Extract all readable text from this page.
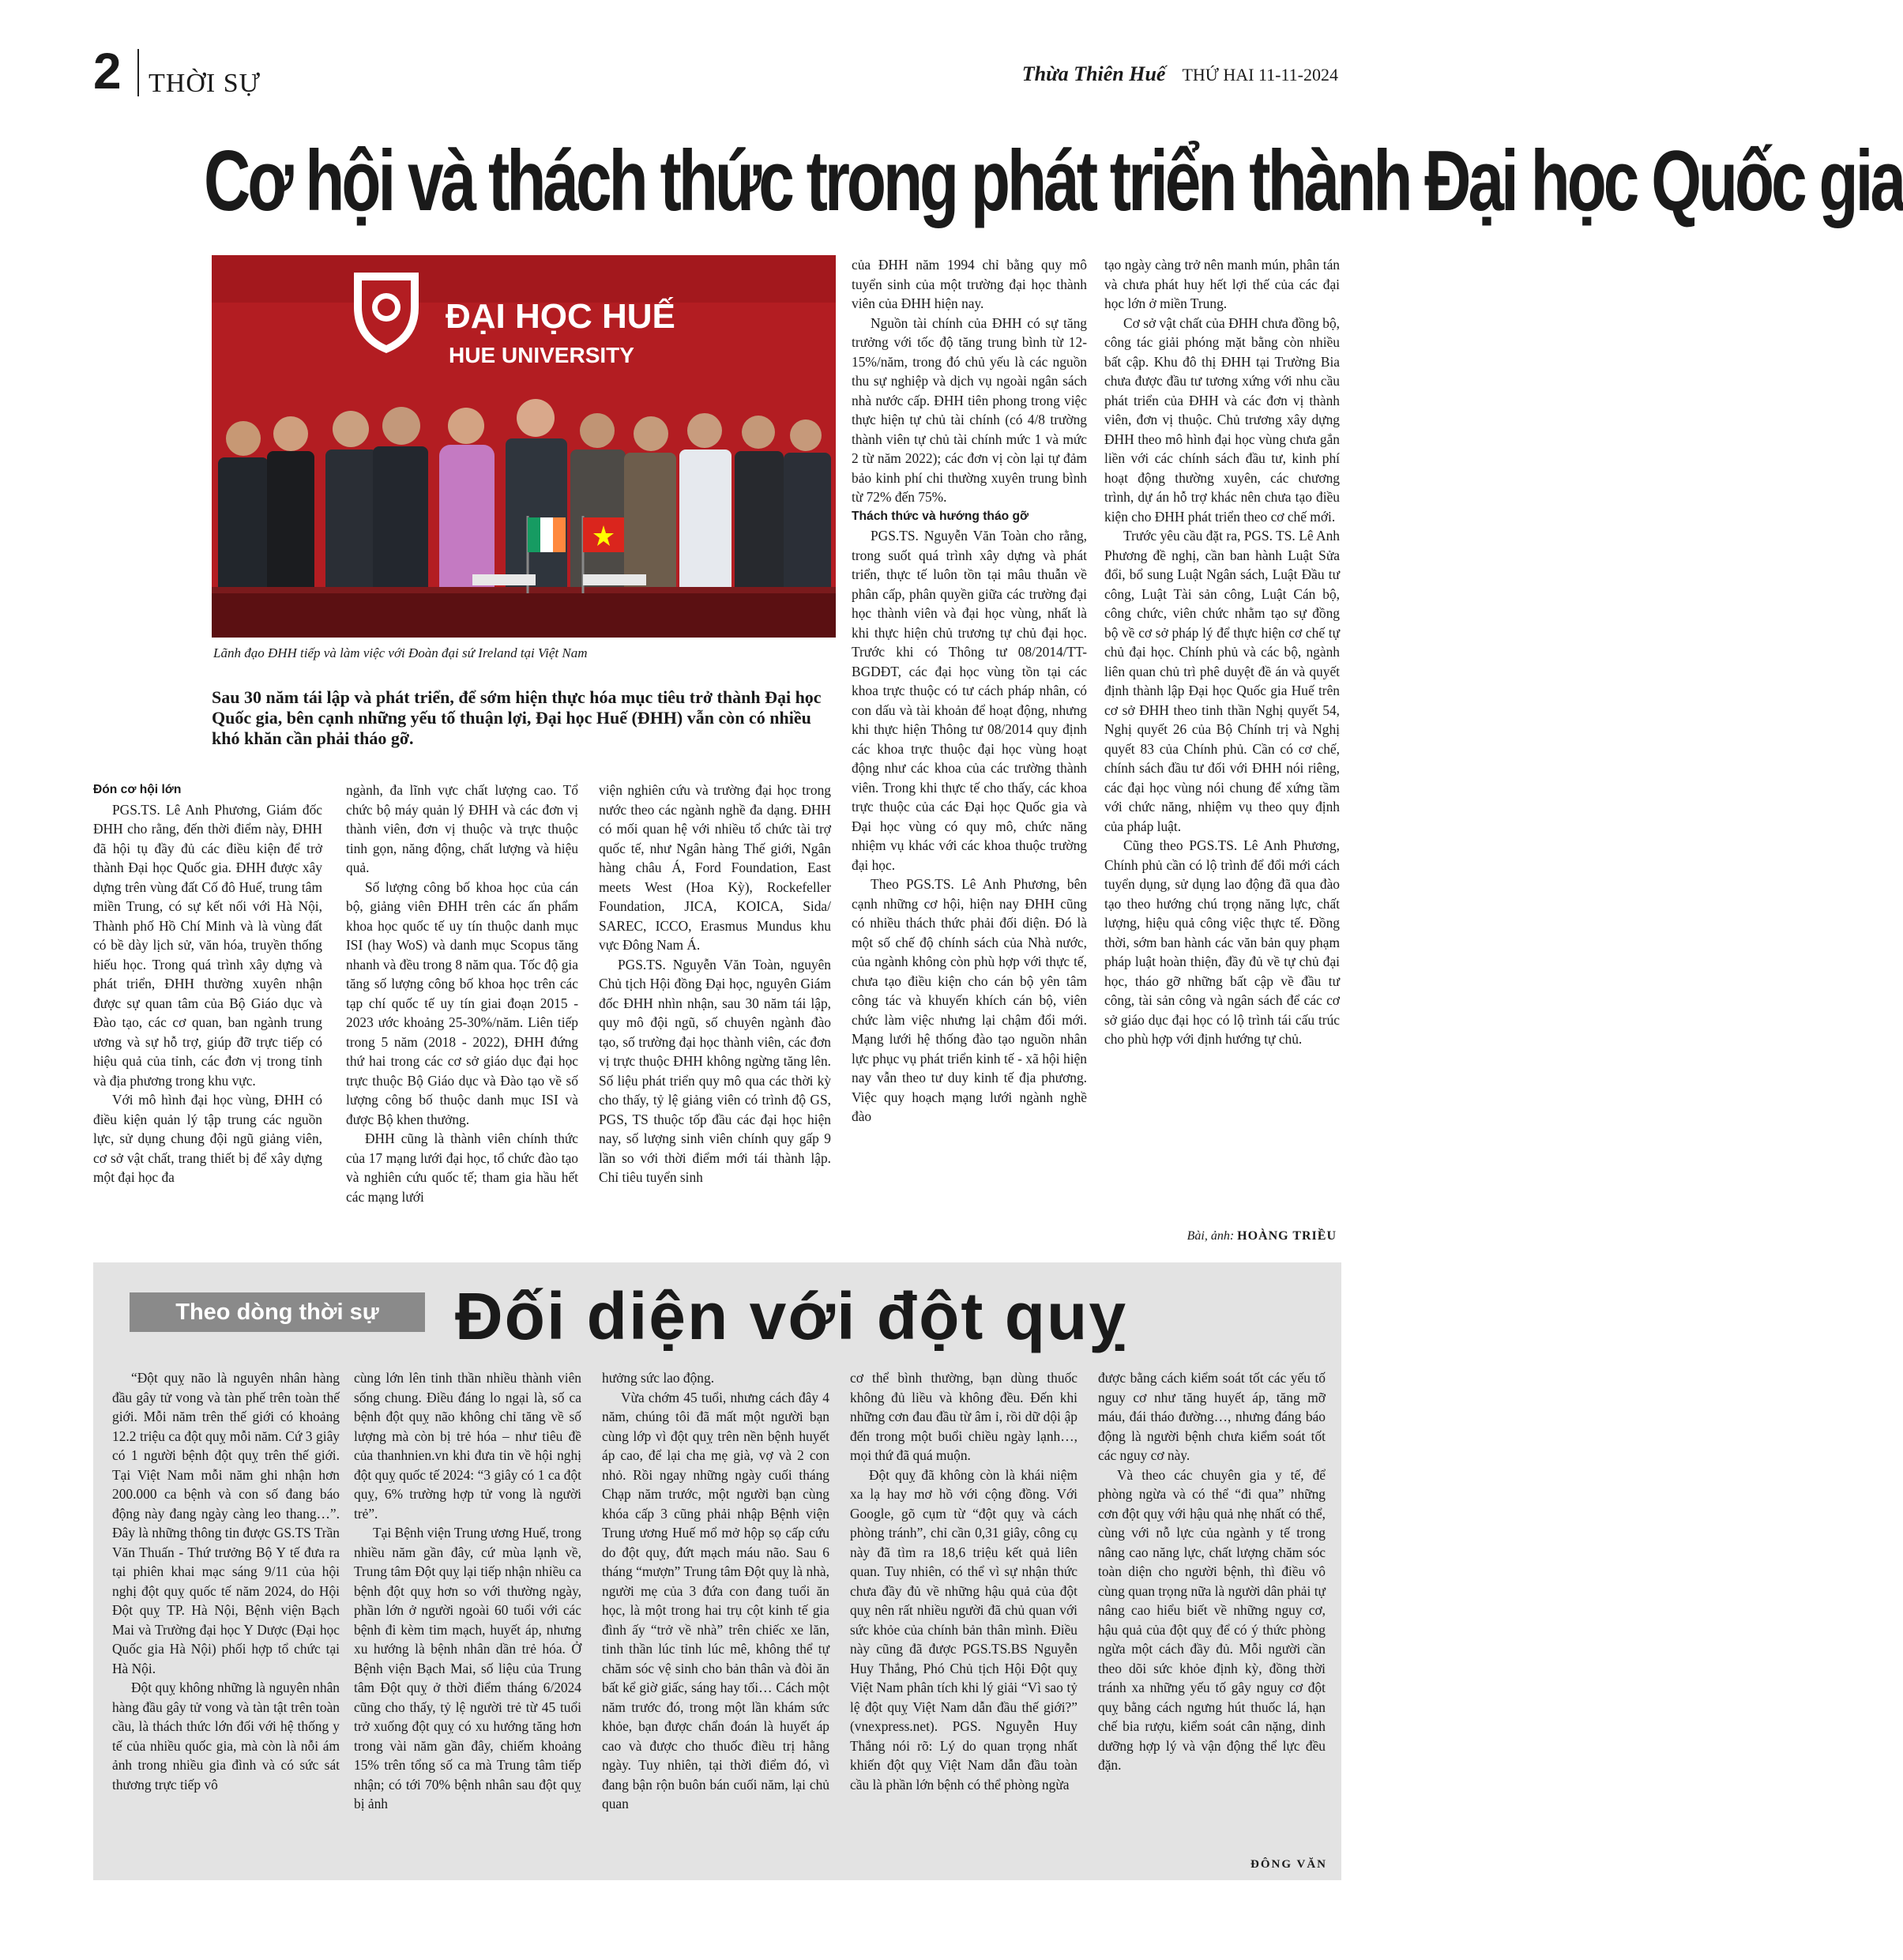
2 THỜI SỰ	Thừa Thiên Huế THỨ HAI 11-11-2024
Cơ hội và thách thức trong phát triển thành Đại học Quốc gia
ĐẠI HỌC HUẾ
HUE UNIVERSITY
Lãnh đạo ĐHH tiếp và làm việc với Đoàn đại sứ Ireland tại Việt Nam
Sau 30 năm tái lập và phát triển, để sớm hiện thực hóa mục tiêu trở thành Đại học Quốc gia, bên cạnh những yếu tố thuận lợi, Đại học Huế (ĐHH) vẫn còn có nhiều khó khăn cần phải tháo gỡ.
Đón cơ hội lớn

PGS.TS. Lê Anh Phương, Giám đốc ĐHH cho rằng, đến thời điểm này, ĐHH đã hội tụ đầy đủ các điều kiện để trở thành Đại học Quốc gia. ĐHH được xây dựng trên vùng đất Cố đô Huế, trung tâm miền Trung, có sự kết nối với Hà Nội, Thành phố Hồ Chí Minh và là vùng đất có bề dày lịch sử, văn hóa, truyền thống hiếu học. Trong quá trình xây dựng và phát triển, ĐHH thường xuyên nhận được sự quan tâm của Bộ Giáo dục và Đào tạo, các cơ quan, ban ngành trung ương và sự hỗ trợ, giúp đỡ trực tiếp có hiệu quả của tỉnh, các đơn vị trong tỉnh và địa phương trong khu vực.

Với mô hình đại học vùng, ĐHH có điều kiện quản lý tập trung các nguồn lực, sử dụng chung đội ngũ giảng viên, cơ sở vật chất, trang thiết bị để xây dựng một đại học đa

ngành, đa lĩnh vực chất lượng cao. Tổ chức bộ máy quản lý ĐHH và các đơn vị thành viên, đơn vị thuộc và trực thuộc tinh gọn, năng động, chất lượng và hiệu quả.

Số lượng công bố khoa học của cán bộ, giảng viên ĐHH trên các ấn phẩm khoa học quốc tế uy tín thuộc danh mục ISI (hay WoS) và danh mục Scopus tăng nhanh và đều trong 8 năm qua. Tốc độ gia tăng số lượng công bố khoa học trên các tạp chí quốc tế uy tín giai đoạn 2015 - 2023 ước khoảng 25-30%/năm. Liên tiếp trong 5 năm (2018 - 2022), ĐHH đứng thứ hai trong các cơ sở giáo dục đại học trực thuộc Bộ Giáo dục và Đào tạo về số lượng công bố thuộc danh mục ISI và được Bộ khen thưởng.

ĐHH cũng là thành viên chính thức của 17 mạng lưới đại học, tổ chức đào tạo và nghiên cứu quốc tế; tham gia hầu hết các mạng lưới

viện nghiên cứu và trường đại học trong nước theo các ngành nghề đa dạng. ĐHH có mối quan hệ với nhiều tổ chức tài trợ quốc tế, như Ngân hàng Thế giới, Ngân hàng châu Á, Ford Foundation, East meets West (Hoa Kỳ), Rockefeller Foundation, JICA, KOICA, Sida/ SAREC, ICCO, Erasmus Mundus khu vực Đông Nam Á.

PGS.TS. Nguyễn Văn Toàn, nguyên Chủ tịch Hội đồng Đại học, nguyên Giám đốc ĐHH nhìn nhận, sau 30 năm tái lập, quy mô đội ngũ, số chuyên ngành đào tạo, số trường đại học thành viên, các đơn vị trực thuộc ĐHH không ngừng tăng lên. Số liệu phát triển quy mô qua các thời kỳ cho thấy, tỷ lệ giảng viên có trình độ GS, PGS, TS thuộc tốp đầu các đại học hiện nay, số lượng sinh viên chính quy gấp 9 lần so với thời điểm mới tái thành lập. Chỉ tiêu tuyển sinh

của ĐHH năm 1994 chỉ bằng quy mô tuyển sinh của một trường đại học thành viên của ĐHH hiện nay.

Nguồn tài chính của ĐHH có sự tăng trưởng với tốc độ tăng trung bình từ 12-15%/năm, trong đó chủ yếu là các nguồn thu sự nghiệp và dịch vụ ngoài ngân sách nhà nước cấp. ĐHH tiên phong trong việc thực hiện tự chủ tài chính (có 4/8 trường thành viên tự chủ tài chính mức 1 và mức 2 từ năm 2022); các đơn vị còn lại tự đảm bảo kinh phí chi thường xuyên trung bình từ 72% đến 75%.

Thách thức và hướng tháo gỡ

PGS.TS. Nguyễn Văn Toàn cho rằng, trong suốt quá trình xây dựng và phát triển, thực tế luôn tồn tại mâu thuẫn về phân cấp, phân quyền giữa các trường đại học thành viên và đại học vùng, nhất là khi thực hiện chủ trương tự chủ đại học. Trước khi có Thông tư 08/2014/TT-BGDĐT, các đại học vùng tồn tại các khoa trực thuộc có tư cách pháp nhân, có con dấu và tài khoản để hoạt động, nhưng khi thực hiện Thông tư 08/2014 quy định các khoa trực thuộc đại học vùng hoạt động như các khoa của các trường thành viên. Trong khi thực tế cho thấy, các khoa trực thuộc của các Đại học Quốc gia và Đại học vùng có quy mô, chức năng nhiệm vụ khác với các khoa thuộc trường đại học.

Theo PGS.TS. Lê Anh Phương, bên cạnh những cơ hội, hiện nay ĐHH cũng có nhiều thách thức phải đối diện. Đó là một số chế độ chính sách của Nhà nước, của ngành không còn phù hợp với thực tế, chưa tạo điều kiện cho cán bộ yên tâm công tác và khuyến khích cán bộ, viên chức làm việc nhưng lại chậm đổi mới. Mạng lưới hệ thống đào tạo nguồn nhân lực phục vụ phát triển kinh tế - xã hội hiện nay vẫn theo tư duy kinh tế địa phương. Việc quy hoạch mạng lưới ngành nghề đào

tạo ngày càng trở nên manh mún, phân tán và chưa phát huy hết lợi thế của các đại học lớn ở miền Trung.

Cơ sở vật chất của ĐHH chưa đồng bộ, công tác giải phóng mặt bằng còn nhiều bất cập. Khu đô thị ĐHH tại Trường Bia chưa được đầu tư tương xứng với nhu cầu phát triển của ĐHH và các đơn vị thành viên, đơn vị thuộc. Chủ trương xây dựng ĐHH theo mô hình đại học vùng chưa gắn liền với các chính sách đầu tư, kinh phí hoạt động thường xuyên, các chương trình, dự án hỗ trợ khác nên chưa tạo điều kiện cho ĐHH phát triển theo cơ chế mới.

Trước yêu cầu đặt ra, PGS. TS. Lê Anh Phương đề nghị, cần ban hành Luật Sửa đổi, bổ sung Luật Ngân sách, Luật Đầu tư công, Luật Tài sản công, Luật Cán bộ, công chức, viên chức nhằm tạo sự đồng bộ về cơ sở pháp lý để thực hiện cơ chế tự chủ đại học. Chính phủ và các bộ, ngành liên quan chủ trì phê duyệt đề án và quyết định thành lập Đại học Quốc gia Huế trên cơ sở ĐHH theo tinh thần Nghị quyết 54, Nghị quyết 26 của Bộ Chính trị và Nghị quyết 83 của Chính phủ. Cần có cơ chế, chính sách đầu tư đối với ĐHH nói riêng, các đại học vùng nói chung để xứng tầm với chức năng, nhiệm vụ theo quy định của pháp luật.

Cũng theo PGS.TS. Lê Anh Phương, Chính phủ cần có lộ trình để đổi mới cách tuyển dụng, sử dụng lao động đã qua đào tạo theo hướng chú trọng năng lực, chất lượng, hiệu quả công việc thực tế. Đồng thời, sớm ban hành các văn bản quy phạm pháp luật hoàn thiện, đầy đủ về tự chủ đại học, tháo gỡ những bất cập về đầu tư công, tài sản công và ngân sách để các cơ sở giáo dục đại học có lộ trình tái cấu trúc cho phù hợp với định hướng tự chủ.

Bài, ảnh: HOÀNG TRIỀU
Theo dòng thời sự	Đối diện với đột quỵ

“Đột quỵ não là nguyên nhân hàng đầu gây tử vong và tàn phế trên toàn thế giới. Mỗi năm trên thế giới có khoảng 12.2 triệu ca đột quỵ mỗi năm. Cứ 3 giây có 1 người bệnh đột quỵ trên thế giới. Tại Việt Nam mỗi năm ghi nhận hơn 200.000 ca bệnh và con số đang báo động này đang ngày càng leo thang…”. Đây là những thông tin được GS.TS Trần Văn Thuấn - Thứ trưởng Bộ Y tế đưa ra tại phiên khai mạc sáng 9/11 của hội nghị đột quỵ quốc tế năm 2024, do Hội Đột quỵ TP. Hà Nội, Bệnh viện Bạch Mai và Trường đại học Y Dược (Đại học Quốc gia Hà Nội) phối hợp tổ chức tại Hà Nội.

Đột quỵ không những là nguyên nhân hàng đầu gây tử vong và tàn tật trên toàn cầu, là thách thức lớn đối với hệ thống y tế của nhiều quốc gia, mà còn là nỗi ám ảnh trong nhiều gia đình và có sức sát thương trực tiếp vô

cùng lớn lên tinh thần nhiều thành viên sống chung. Điều đáng lo ngại là, số ca bệnh đột quỵ não không chỉ tăng về số lượng mà còn bị trẻ hóa – như tiêu đề của thanhnien.vn khi đưa tin về hội nghị đột quỵ quốc tế 2024: “3 giây có 1 ca đột quỵ, 6% trường hợp tử vong là người trẻ”.

Tại Bệnh viện Trung ương Huế, trong nhiều năm gần đây, cứ mùa lạnh về, Trung tâm Đột quỵ lại tiếp nhận nhiều ca bệnh đột quỵ hơn so với thường ngày, phần lớn ở người ngoài 60 tuổi với các bệnh đi kèm tim mạch, huyết áp, nhưng xu hướng là bệnh nhân dần trẻ hóa. Ở Bệnh viện Bạch Mai, số liệu của Trung tâm Đột quỵ ở thời điểm tháng 6/2024 cũng cho thấy, tỷ lệ người trẻ từ 45 tuổi trở xuống đột quỵ có xu hướng tăng hơn trong vài năm gần đây, chiếm khoảng 15% trên tổng số ca mà Trung tâm tiếp nhận; có tới 70% bệnh nhân sau đột quỵ bị ảnh

hưởng sức lao động.

Vừa chớm 45 tuổi, nhưng cách đây 4 năm, chúng tôi đã mất một người bạn cùng lớp vì đột quỵ trên nền bệnh huyết áp cao, để lại cha mẹ già, vợ và 2 con nhỏ. Rồi ngay những ngày cuối tháng Chạp năm trước, một người bạn cùng khóa cấp 3 cũng phải nhập Bệnh viện Trung ương Huế mổ mở hộp sọ cấp cứu do đột quỵ, đứt mạch máu não. Sau 6 tháng “mượn” Trung tâm Đột quỵ là nhà, người mẹ của 3 đứa con đang tuổi ăn học, là một trong hai trụ cột kinh tế gia đình ấy “trở về nhà” trên chiếc xe lăn, tinh thần lúc tỉnh lúc mê, không thể tự chăm sóc vệ sinh cho bản thân và đòi ăn bất kể giờ giấc, sáng hay tối… Cách một năm trước đó, trong một lần khám sức khỏe, bạn được chẩn đoán là huyết áp cao và được cho thuốc điều trị hằng ngày. Tuy nhiên, tại thời điểm đó, vì đang bận rộn buôn bán cuối năm, lại chủ quan

cơ thể bình thường, bạn dùng thuốc không đủ liều và không đều. Đến khi những cơn đau đầu từ âm ỉ, rồi dữ dội ập đến trong một buổi chiều ngày lạnh…, mọi thứ đã quá muộn.

Đột quỵ đã không còn là khái niệm xa lạ hay mơ hồ với cộng đồng. Với Google, gõ cụm từ “đột quỵ và cách phòng tránh”, chỉ cần 0,31 giây, công cụ này đã tìm ra 18,6 triệu kết quả liên quan. Tuy nhiên, có thể vì sự nhận thức chưa đầy đủ về những hậu quả của đột quỵ nên rất nhiều người đã chủ quan với sức khỏe của chính bản thân mình. Điều này cũng đã được PGS.TS.BS Nguyễn Huy Thắng, Phó Chủ tịch Hội Đột quỵ Việt Nam phân tích khi lý giải “Vì sao tỷ lệ đột quỵ Việt Nam dẫn đầu thế giới?” (vnexpress.net). PGS. Nguyễn Huy Thắng nói rõ: Lý do quan trọng nhất khiến đột quỵ Việt Nam dẫn đầu toàn cầu là phần lớn bệnh có thể phòng ngừa

được bằng cách kiểm soát tốt các yếu tố nguy cơ như tăng huyết áp, tăng mỡ máu, đái tháo đường…, nhưng đáng báo động là người bệnh chưa kiểm soát tốt các nguy cơ này.

Và theo các chuyên gia y tế, để phòng ngừa và có thể “đi qua” những cơn đột quỵ với hậu quả nhẹ nhất có thể, cùng với nỗ lực của ngành y tế trong nâng cao năng lực, chất lượng chăm sóc toàn diện cho người bệnh, thì điều vô cùng quan trọng nữa là người dân phải tự nâng cao hiểu biết về những nguy cơ, hậu quả của đột quỵ để có ý thức phòng ngừa một cách đầy đủ. Mỗi người cần theo dõi sức khỏe định kỳ, đồng thời tránh xa những yếu tố gây nguy cơ đột quỵ bằng cách ngưng hút thuốc lá, hạn chế bia rượu, kiểm soát cân nặng, dinh dưỡng hợp lý và vận động thể lực đều đặn.

ĐÔNG VĂN
